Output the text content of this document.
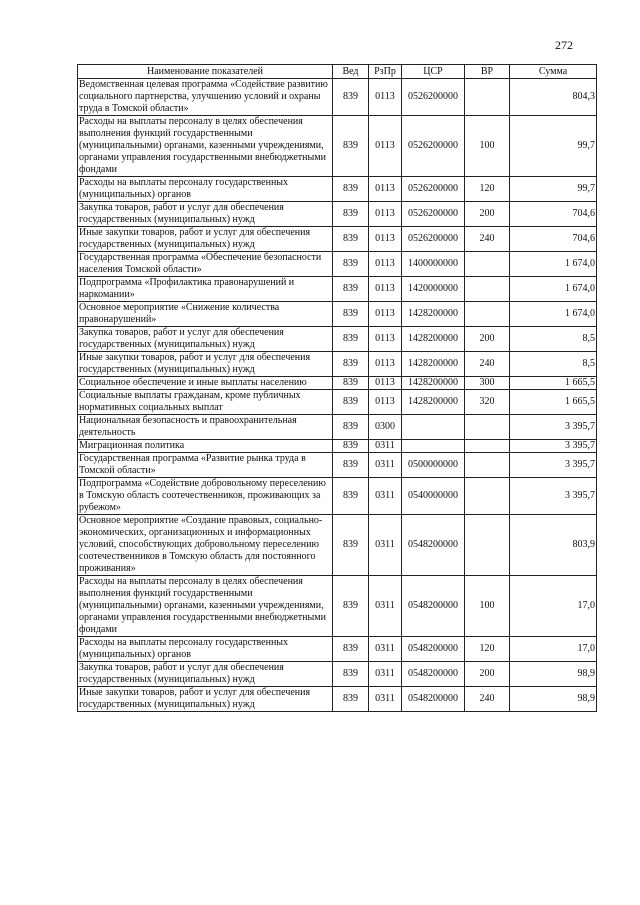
272
Наименование показателей	Вед	РзПр	ЦСР	ВР	Сумма
Ведомственная целевая программа «Содействие развитию социального партнерства, улучшению условий и охраны труда в Томской области»	839	0113	0526200000		804,3
Расходы на выплаты персоналу в целях обеспечения выполнения функций государственными (муниципальными) органами, казенными учреждениями, органами управления государственными внебюджетными фондами	839	0113	0526200000	100	99,7
Расходы на выплаты персоналу государственных (муниципальных) органов	839	0113	0526200000	120	99,7
Закупка товаров, работ и услуг для обеспечения государственных (муниципальных) нужд	839	0113	0526200000	200	704,6
Иные закупки товаров, работ и услуг для обеспечения государственных (муниципальных) нужд	839	0113	0526200000	240	704,6
Государственная программа «Обеспечение безопасности населения Томской области»	839	0113	1400000000		1 674,0
Подпрограмма «Профилактика правонарушений и наркомании»	839	0113	1420000000		1 674,0
Основное мероприятие «Снижение количества правонарушений»	839	0113	1428200000		1 674,0
Закупка товаров, работ и услуг для обеспечения государственных (муниципальных) нужд	839	0113	1428200000	200	8,5
Иные закупки товаров, работ и услуг для обеспечения государственных (муниципальных) нужд	839	0113	1428200000	240	8,5
Социальное обеспечение и иные выплаты населению	839	0113	1428200000	300	1 665,5
Социальные выплаты гражданам, кроме публичных нормативных социальных выплат	839	0113	1428200000	320	1 665,5
Национальная безопасность и правоохранительная деятельность	839	0300			3 395,7
Миграционная политика	839	0311			3 395,7
Государственная программа «Развитие рынка труда в Томской области»	839	0311	0500000000		3 395,7
Подпрограмма «Содействие добровольному переселению в Томскую область соотечественников, проживающих за рубежом»	839	0311	0540000000		3 395,7
Основное мероприятие «Создание правовых, социально-экономических, организационных и информационных условий, способствующих добровольному переселению соотечественников в Томскую область для постоянного проживания»	839	0311	0548200000		803,9
Расходы на выплаты персоналу в целях обеспечения выполнения функций государственными (муниципальными) органами, казенными учреждениями, органами управления государственными внебюджетными фондами	839	0311	0548200000	100	17,0
Расходы на выплаты персоналу государственных (муниципальных) органов	839	0311	0548200000	120	17,0
Закупка товаров, работ и услуг для обеспечения государственных (муниципальных) нужд	839	0311	0548200000	200	98,9
Иные закупки товаров, работ и услуг для обеспечения государственных (муниципальных) нужд	839	0311	0548200000	240	98,9
